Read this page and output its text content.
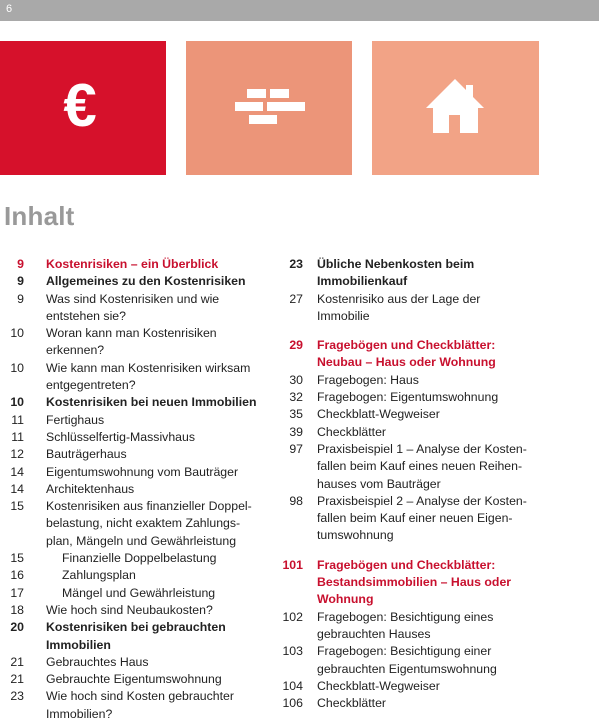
6
€
Inhalt
9 Kostenrisiken – ein Überblick
9 Allgemeines zu den Kostenrisiken
9 Was sind Kostenrisiken und wie
entstehen sie?
10 Woran kann man Kostenrisiken
erkennen?
10 Wie kann man Kostenrisiken wirksam
entgegentreten?
10 Kostenrisiken bei neuen Immobilien
11 Fertighaus
11 Schlüsselfertig-Massivhaus
12 Bauträgerhaus
14 Eigentumswohnung vom Bauträger
14 Architektenhaus
15 Kostenrisiken aus finanzieller Doppel-
belastung, nicht exaktem Zahlungs-
plan, Mängeln und Gewährleistung
15	Finanzielle Doppelbelastung
16	Zahlungsplan
17	Mängel und Gewährleistung
18 Wie hoch sind Neubaukosten?
20 Kostenrisiken bei gebrauchten
Immobilien
21 Gebrauchtes Haus
21 Gebrauchte Eigentumswohnung
23 Wie hoch sind Kosten gebrauchter
Immobilien?
23 Übliche Nebenkosten beim
Immobilienkauf
27 Kostenrisiko aus der Lage der
Immobilie
29 Fragebögen und Checkblätter:
Neubau – Haus oder Wohnung
30 Fragebogen: Haus
32 Fragebogen: Eigentumswohnung
35 Checkblatt-Wegweiser
39 Checkblätter
97 Praxisbeispiel 1 – Analyse der Kosten-
fallen beim Kauf eines neuen Reihen-
hauses vom Bauträger
98 Praxisbeispiel 2 – Analyse der Kosten-
fallen beim Kauf einer neuen Eigen-
tumswohnung
101 Fragebögen und Checkblätter:
Bestandsimmobilien – Haus oder
Wohnung
102 Fragebogen: Besichtigung eines
gebrauchten Hauses
103 Fragebogen: Besichtigung einer
gebrauchten Eigentumswohnung
104 Checkblatt-Wegweiser
106 Checkblätter
